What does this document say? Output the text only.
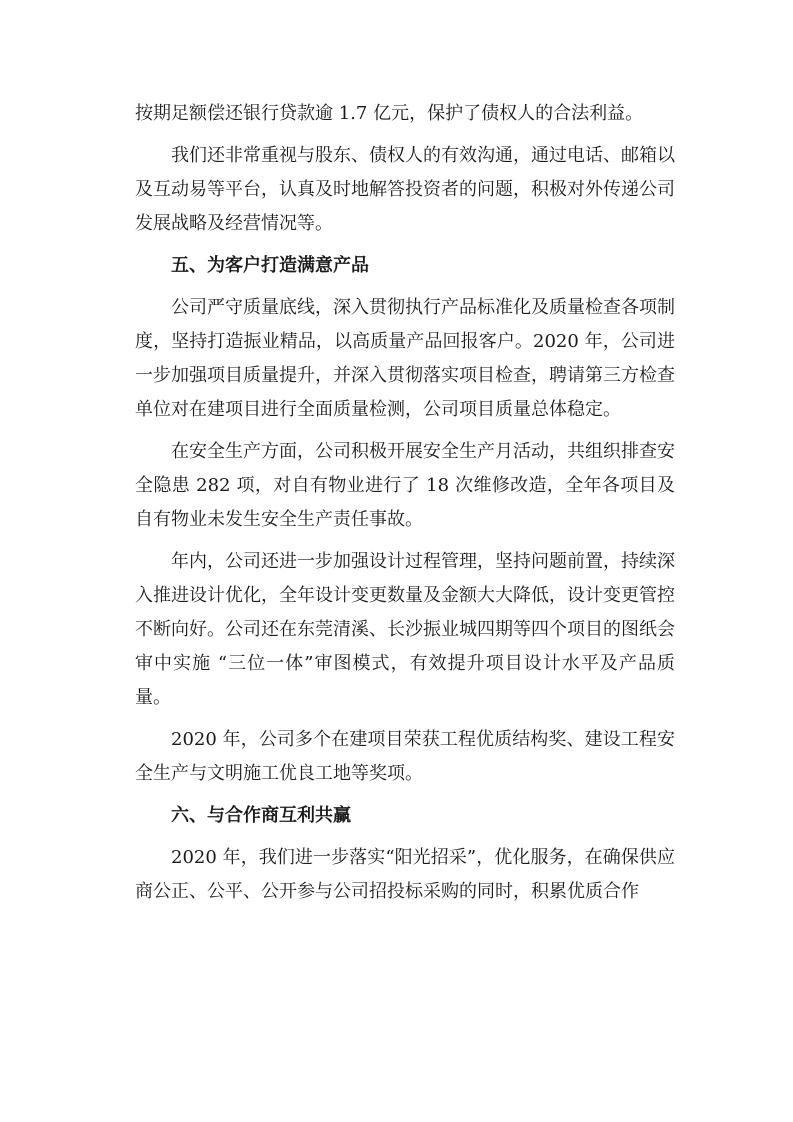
按期足额偿还银行贷款逾 1.7 亿元，保护了债权人的合法利益。

我们还非常重视与股东、债权人的有效沟通，通过电话、邮箱以及互动易等平台，认真及时地解答投资者的问题，积极对外传递公司发展战略及经营情况等。

五、为客户打造满意产品

公司严守质量底线，深入贯彻执行产品标准化及质量检查各项制度，坚持打造振业精品，以高质量产品回报客户。2020 年，公司进一步加强项目质量提升，并深入贯彻落实项目检查，聘请第三方检查单位对在建项目进行全面质量检测，公司项目质量总体稳定。

在安全生产方面，公司积极开展安全生产月活动，共组织排查安全隐患 282 项，对自有物业进行了 18 次维修改造，全年各项目及自有物业未发生安全生产责任事故。

年内，公司还进一步加强设计过程管理，坚持问题前置，持续深入推进设计优化，全年设计变更数量及金额大大降低，设计变更管控不断向好。公司还在东莞清溪、长沙振业城四期等四个项目的图纸会审中实施 “三位一体”审图模式，有效提升项目设计水平及产品质量。

2020 年，公司多个在建项目荣获工程优质结构奖、建设工程安全生产与文明施工优良工地等奖项。

六、与合作商互利共赢

2020 年，我们进一步落实“阳光招采”，优化服务，在确保供应商公正、公平、公开参与公司招投标采购的同时，积累优质合作
